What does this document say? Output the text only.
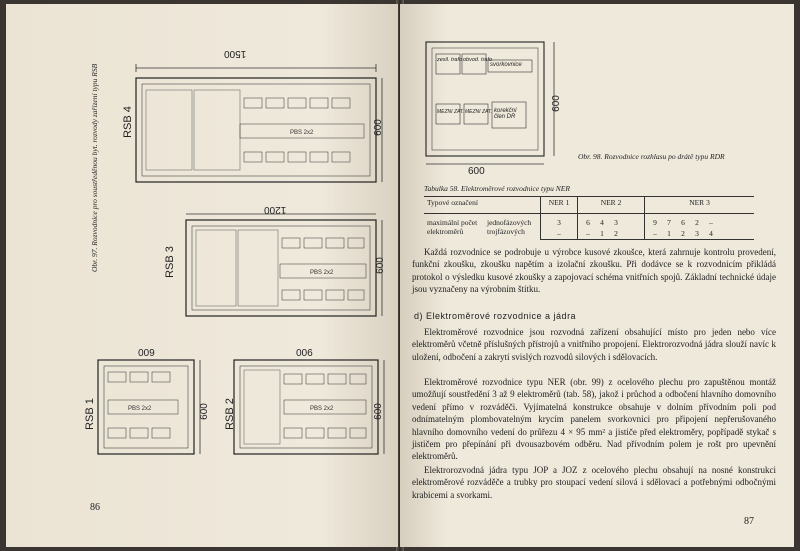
Obr. 97. Rozvodnice pro soustředěnou byt. rozvody zařízení typu RSB RSB 4
1500
600
PBS 2x2
RSB 3
1200
600
PBS 2x2
RSB 1
600
600
PBS 2x2	RSB 2
900
600
PBS 2x2
86
zesil. trafo obvod. trafo
svorkovnice
MEZNI ZAT. MEZNI ZAT. korekční člen DR
600
600
Obr. 98. Rozvodnice rozhlasu po drátě typu RDR
Tabulka 58. Elektroměrové rozvodnice typu NER
Typové označení	NER 1	NER 2	NER 3

maximální počet elektroměrů
jednofázových
trojfázových	3	6 4 3	9 7 6 2 –
	–	– 1 2	– 1 2 3 4

Každá rozvodnice se podrobuje u výrobce kusové zkoušce, která zahrnuje kontrolu provedení, funkční zkoušku, zkoušku napětím a izolační zkoušku. Při dodávce se k rozvodnicím přikládá protokol o výsledku kusové zkoušky a zapojovací schéma vnitřních spojů. Základní technické údaje jsou vyznačeny na výrobním štítku.

d) Elektroměrové rozvodnice a jádra

Elektroměrové rozvodnice jsou rozvodná zařízení obsahující místo pro jeden nebo více elektroměrů včetně příslušných přístrojů a vnitřního propojení. Elektrorozvodná jádra slouží navíc k uložení, odbočení a zakrytí svislých rozvodů silových i sdělovacích.

Elektroměrové rozvodnice typu NER (obr. 99) z ocelového plechu pro zapuštěnou montáž umožňují soustředění 3 až 9 elektroměrů (tab. 58), jakož i průchod a odbočení hlavního domovního vedení přímo v rozváděči. Vyjímatelná konstrukce obsahuje v dolním přívodním poli pod odnímatelným plombovatelným krycím panelem svorkovnici pro připojení nepřerušovaného hlavního domovního vedení do průřezu 4 × 95 mm² a jističe před elektroměry, popřípadě stykač s jističem pro přepínání při dvousazbovém odběru. Nad přívodním polem je rošt pro upevnění elektroměrů.

Elektrorozvodná jádra typu JOP a JOZ z ocelového plechu obsahují na nosné konstrukci elektroměrové rozváděče a trubky pro stoupací vedení silová i sdělovací a potřebnými odbočnými krabicemi a svorkami.

87
